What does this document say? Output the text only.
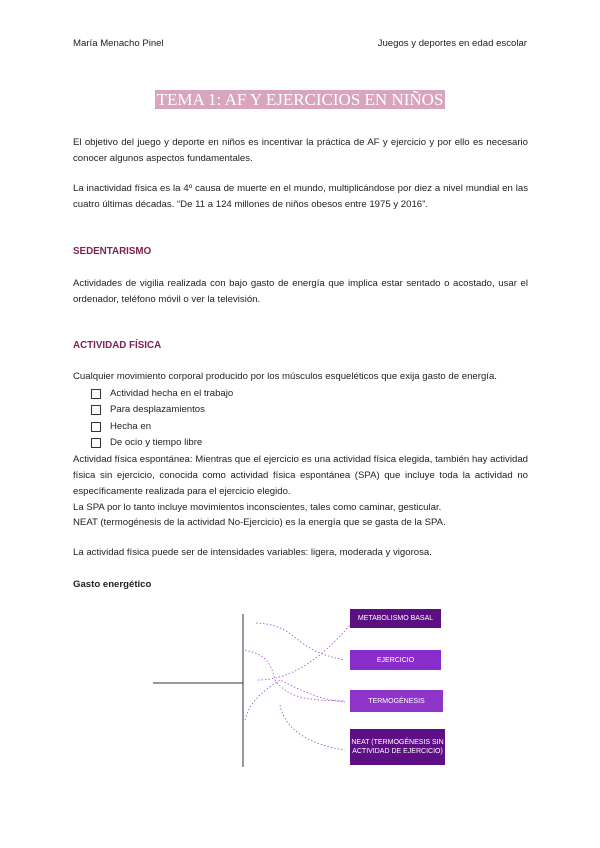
María Menacho Pinel	Juegos y deportes en edad escolar
TEMA 1: AF Y EJERCICIOS EN NIÑOS
El objetivo del juego y deporte en niños es incentivar la práctica de AF y ejercicio y por ello es necesario conocer algunos aspectos fundamentales.
La inactividad física es la 4º causa de muerte en el mundo, multiplicándose por diez a nivel mundial en las cuatro últimas décadas. “De 11 a 124 millones de niños obesos entre 1975 y 2016”.
SEDENTARISMO
Actividades de vigilia realizada con bajo gasto de energía que implica estar sentado o acostado, usar el ordenador, teléfono móvil o ver la televisión.
ACTIVIDAD FÍSICA
Cualquier movimiento corporal producido por los músculos esqueléticos que exija gasto de energía.
Actividad hecha en el trabajo
Para desplazamientos
Hecha en
De ocio y tiempo libre
Actividad física espontánea: Mientras que el ejercicio es una actividad física elegida, también hay actividad física sin ejercicio, conocida como actividad física espontánea (SPA) que incluye toda la actividad no específicamente realizada para el ejercicio elegido.
La SPA por lo tanto incluye movimientos inconscientes, tales como caminar, gesticular.
NEAT (termogénesis de la actividad No-Ejercicio) es la energía que se gasta de la SPA.
La actividad física puede ser de intensidades variables: ligera, moderada y vigorosa.
Gasto energético
METABOLISMO BASAL
EJERCICIO
TERMOGÉNESIS
NEAT (TERMOGÉNESIS SIN ACTIVIDAD DE EJERCICIO)
